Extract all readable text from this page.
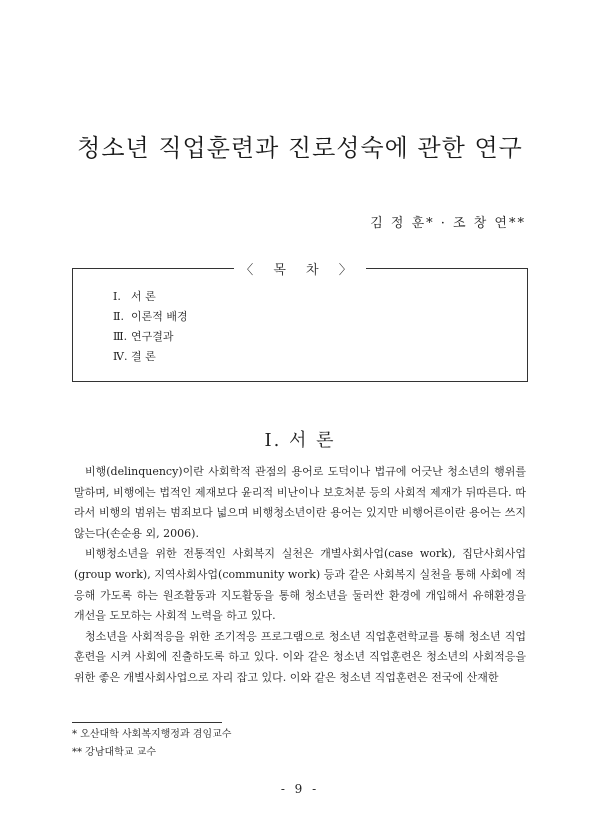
청소년 직업훈련과 진로성숙에 관한 연구
김 정 훈* · 조 창 연**
〈 목 차 〉
Ⅰ. 서 론
Ⅱ. 이론적 배경
Ⅲ. 연구결과
Ⅳ. 결 론
Ⅰ. 서 론

비행(delinquency)이란 사회학적 관점의 용어로 도덕이나 법규에 어긋난 청소년의 행위를 말하며, 비행에는 법적인 제재보다 윤리적 비난이나 보호처분 등의 사회적 제재가 뒤따른다. 따라서 비행의 범위는 범죄보다 넓으며 비행청소년이란 용어는 있지만 비행어른이란 용어는 쓰지 않는다(손순용 외, 2006).

비행청소년을 위한 전통적인 사회복지 실천은 개별사회사업(case work), 집단사회사업(group work), 지역사회사업(community work) 등과 같은 사회복지 실천을 통해 사회에 적응해 가도록 하는 원조활동과 지도활동을 통해 청소년을 둘러싼 환경에 개입해서 유해환경을 개선을 도모하는 사회적 노력을 하고 있다.

청소년을 사회적응을 위한 조기적응 프로그램으로 청소년 직업훈련학교를 통해 청소년 직업훈련을 시켜 사회에 진출하도록 하고 있다. 이와 같은 청소년 직업훈련은 청소년의 사회적응을 위한 좋은 개별사회사업으로 자리 잡고 있다. 이와 같은 청소년 직업훈련은 전국에 산재한

* 오산대학 사회복지행정과 겸임교수
** 강남대학교 교수
- 9 -
